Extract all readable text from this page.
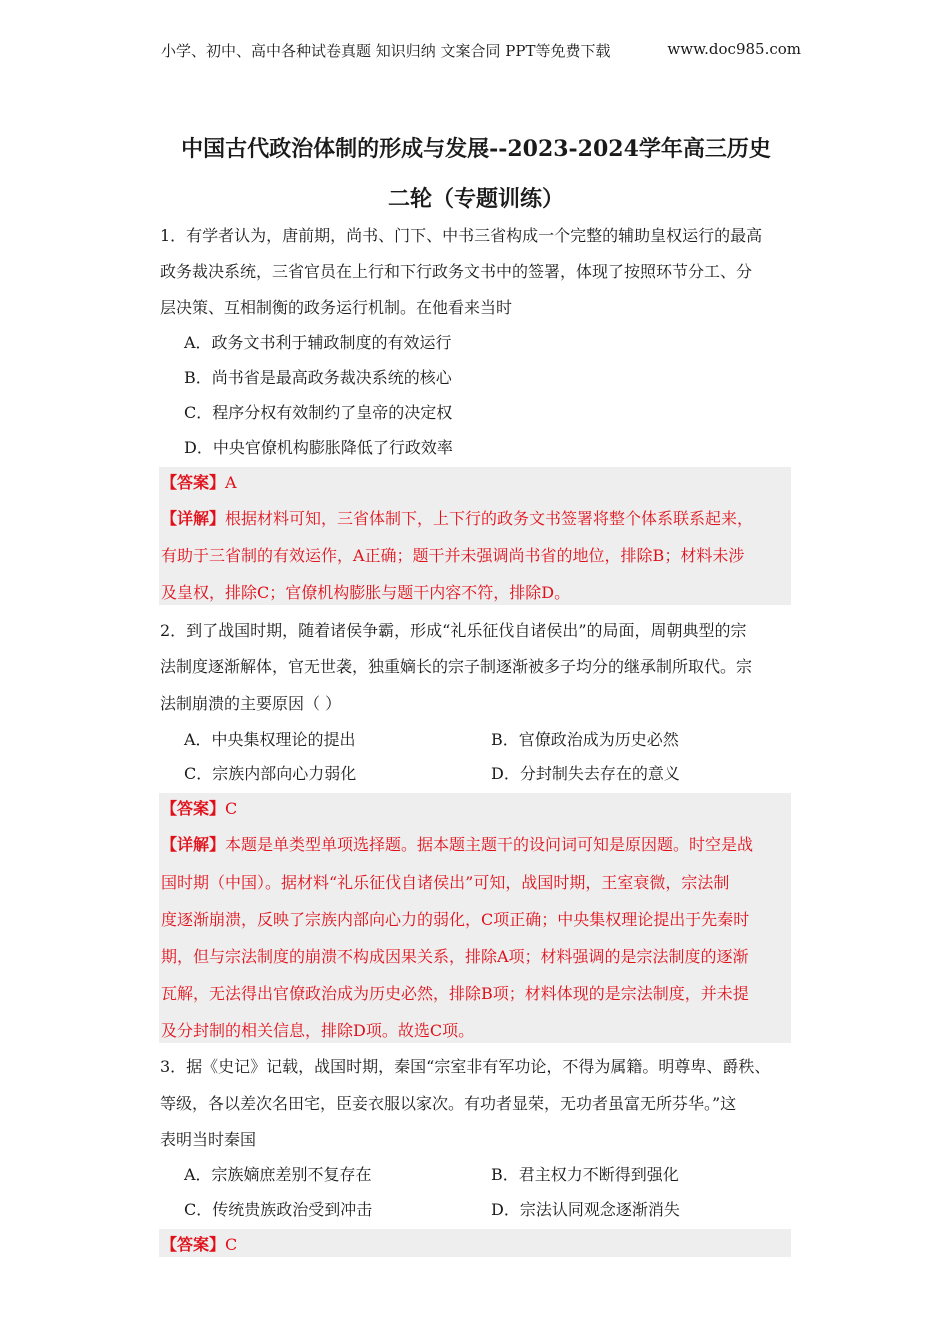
小学、初中、高中各种试卷真题 知识归纳 文案合同 PPT等免费下载	www.doc985.com
中国古代政治体制的形成与发展--2023-2024学年高三历史
二轮（专题训练）
1．有学者认为，唐前期，尚书、门下、中书三省构成一个完整的辅助皇权运行的最高
政务裁决系统，三省官员在上行和下行政务文书中的签署，体现了按照环节分工、分
层决策、互相制衡的政务运行机制。在他看来当时
A．政务文书利于辅政制度的有效运行
B．尚书省是最高政务裁决系统的核心
C．程序分权有效制约了皇帝的决定权
D．中央官僚机构膨胀降低了行政效率
【答案】A
【详解】根据材料可知，三省体制下，上下行的政务文书签署将整个体系联系起来，
有助于三省制的有效运作，A正确；题干并未强调尚书省的地位，排除B；材料未涉
及皇权，排除C；官僚机构膨胀与题干内容不符，排除D。
2．到了战国时期，随着诸侯争霸，形成“礼乐征伐自诸侯出”的局面，周朝典型的宗
法制度逐渐解体，官无世袭，独重嫡长的宗子制逐渐被多子均分的继承制所取代。宗
法制崩溃的主要原因（ ）
A．中央集权理论的提出	B．官僚政治成为历史必然
C．宗族内部向心力弱化	D．分封制失去存在的意义
【答案】C
【详解】本题是单类型单项选择题。据本题主题干的设问词可知是原因题。时空是战
国时期（中国）。据材料“礼乐征伐自诸侯出”可知，战国时期，王室衰微，宗法制
度逐渐崩溃，反映了宗族内部向心力的弱化，C项正确；中央集权理论提出于先秦时
期，但与宗法制度的崩溃不构成因果关系，排除A项；材料强调的是宗法制度的逐渐
瓦解，无法得出官僚政治成为历史必然，排除B项；材料体现的是宗法制度，并未提
及分封制的相关信息，排除D项。故选C项。
3．据《史记》记载，战国时期，秦国“宗室非有军功论，不得为属籍。明尊卑、爵秩、
等级，各以差次名田宅，臣妾衣服以家次。有功者显荣，无功者虽富无所芬华。”这
表明当时秦国
A．宗族嫡庶差别不复存在	B．君主权力不断得到强化
C．传统贵族政治受到冲击	D．宗法认同观念逐渐消失
【答案】C
